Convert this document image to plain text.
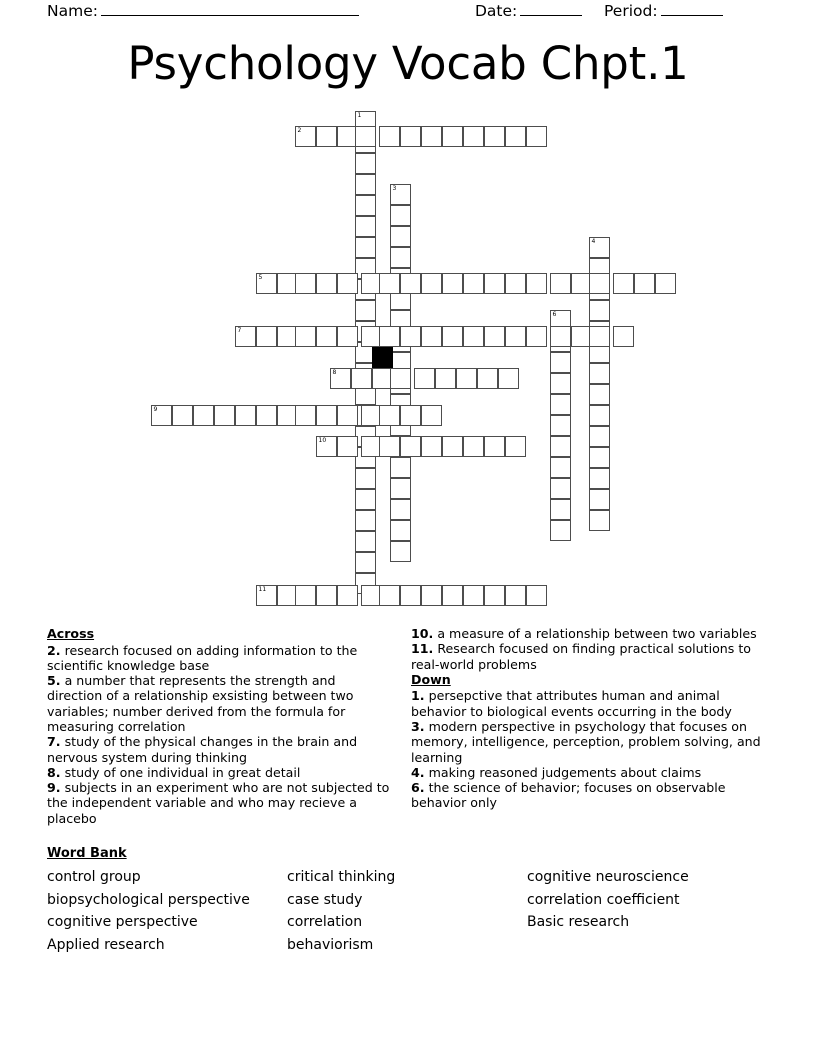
Name:	Date:	Period:
Psychology Vocab Chpt.1
1
2
3
4
5
6
7
8
9
10
11
Across
2. research focused on adding information to the scientific knowledge base
5. a number that represents the strength and direction of a relationship exsisting between two variables; number derived from the formula for measuring correlation
7. study of the physical changes in the brain and nervous system during thinking
8. study of one individual in great detail
9. subjects in an experiment who are not subjected to the independent variable and who may recieve a placebo
10. a measure of a relationship between two variables
11. Research focused on finding practical solutions to real-world problems
Down
1. persepctive that attributes human and animal behavior to biological events occurring in the body
3. modern perspective in psychology that focuses on memory, intelligence, perception, problem solving, and learning
4. making reasoned judgements about claims
6. the science of behavior; focuses on observable behavior only
Word Bank
control group
biopsychological perspective
cognitive perspective
Applied research
critical thinking
case study
correlation
behaviorism
cognitive neuroscience
correlation coefficient
Basic research
